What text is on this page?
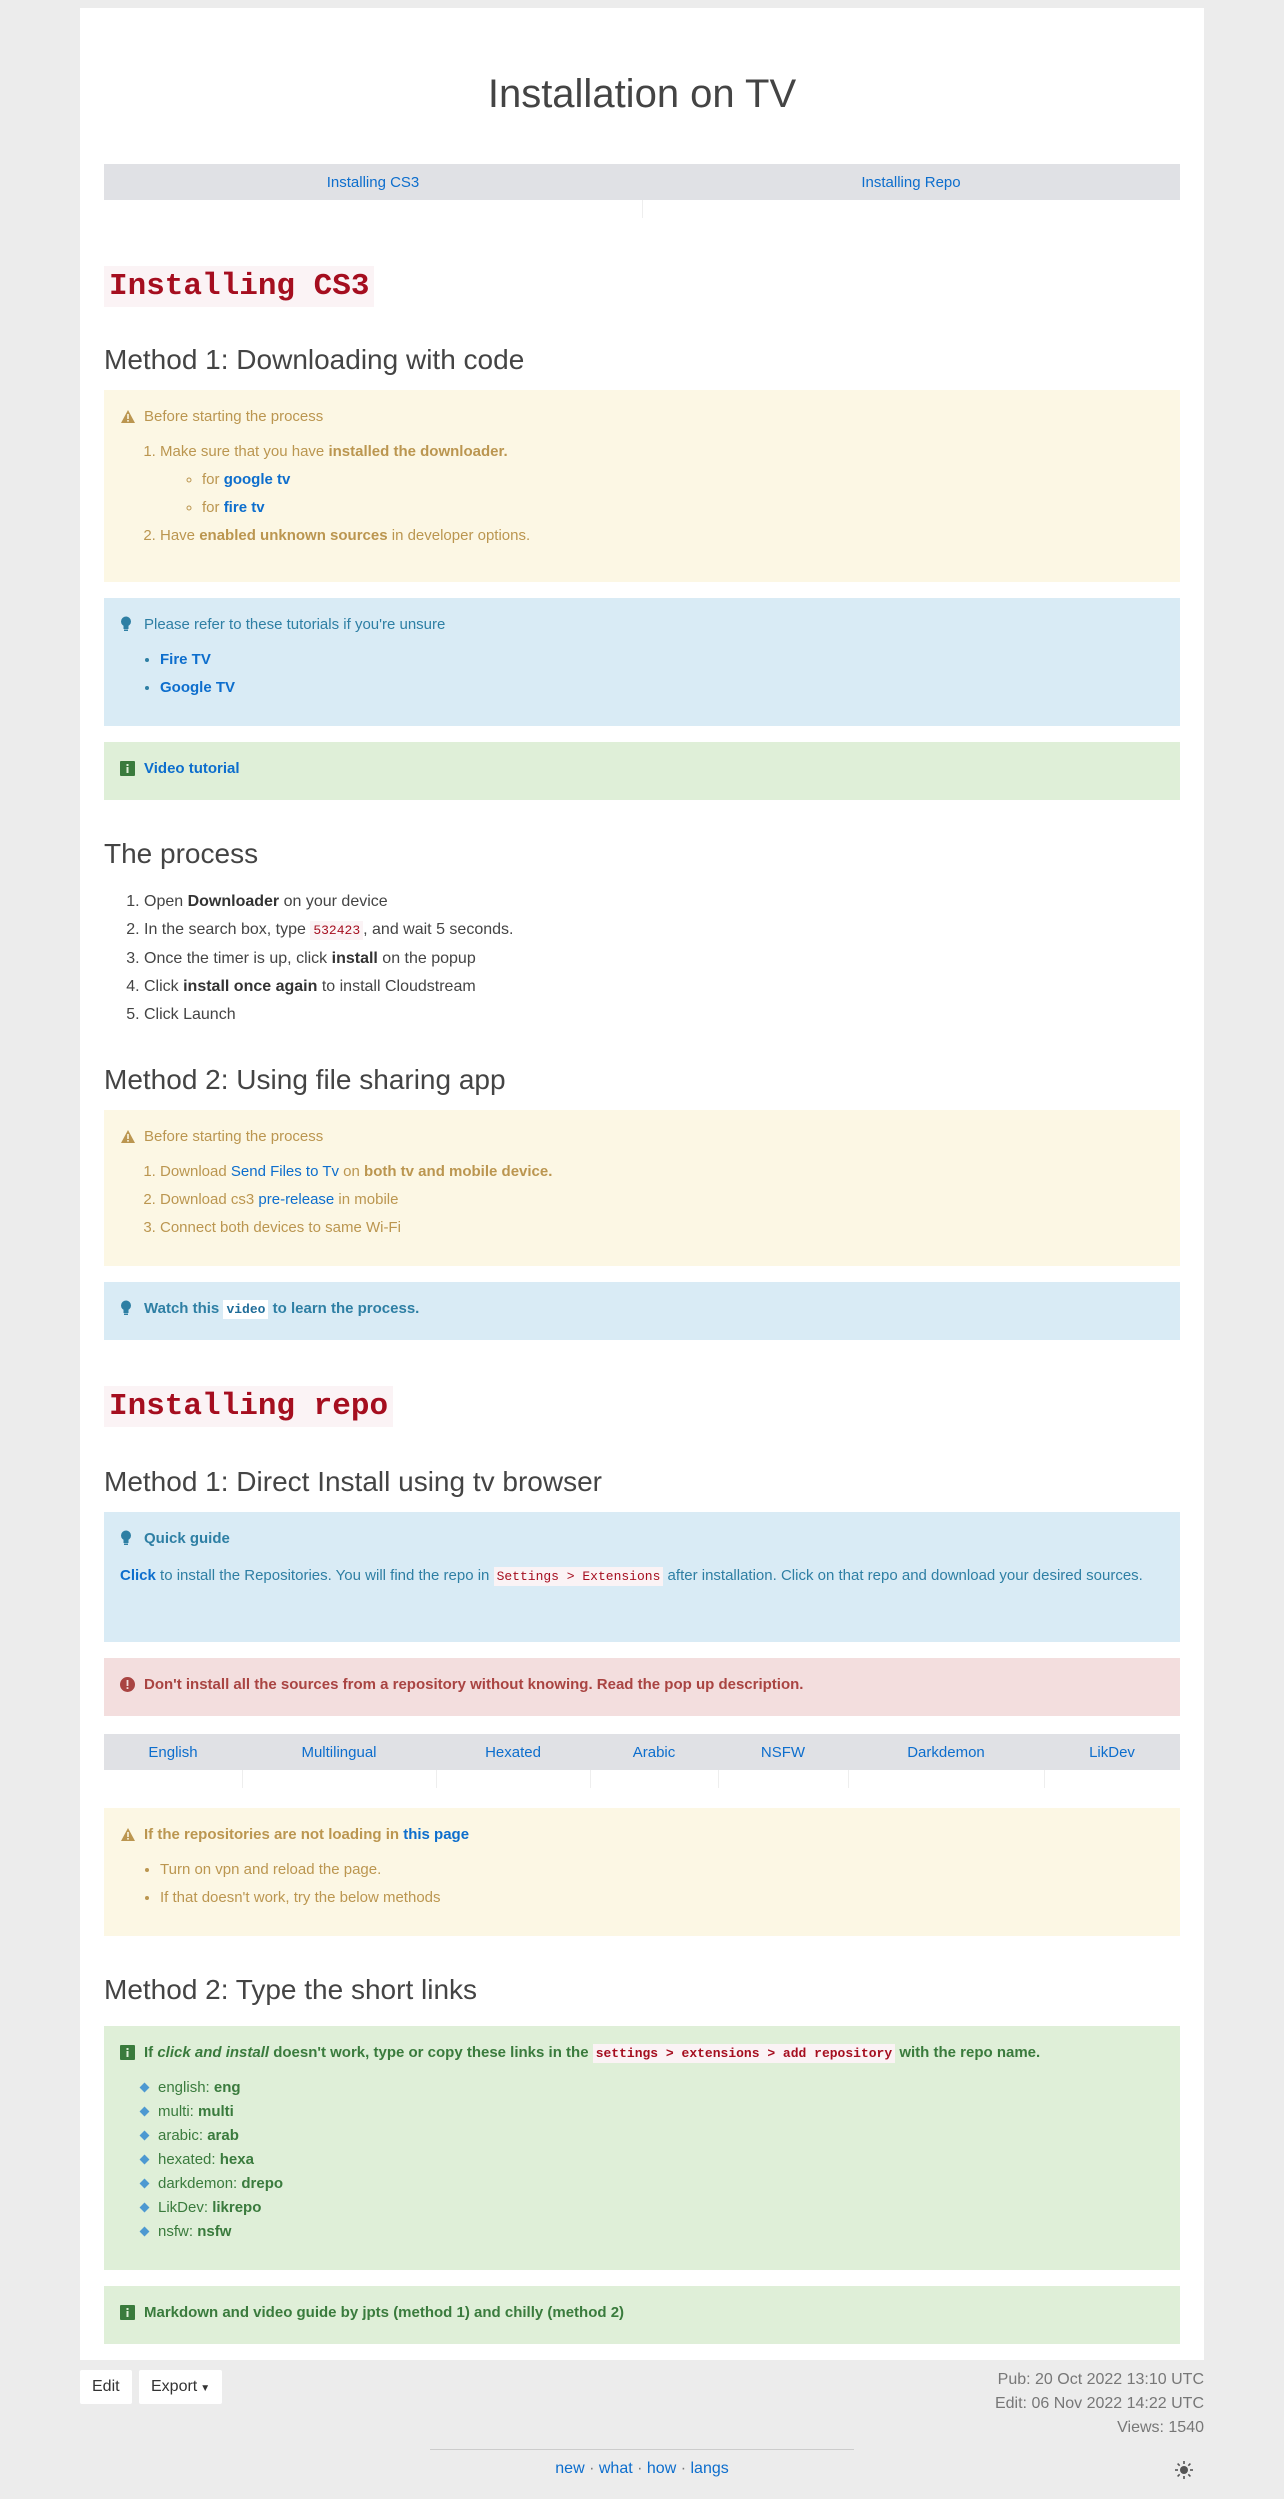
Installation on TV
Installing CS3	Installing Repo

Installing CS3
Method 1: Downloading with code
Before starting the process
1. Make sure that you have installed the downloader.
◦ for google tv
◦ for fire tv
2. Have enabled unknown sources in developer options.
Please refer to these tutorials if you're unsure
• Fire TV
• Google TV
Video tutorial
The process
1. Open Downloader on your device
2. In the search box, type 532423 , and wait 5 seconds.
3. Once the timer is up, click install on the popup
4. Click install once again to install Cloudstream
5. Click Launch
Method 2: Using file sharing app
Before starting the process
1. Download Send Files to Tv on both tv and mobile device.
2. Download cs3 pre-release in mobile
3. Connect both devices to same Wi-Fi
Watch this video to learn the process.
Installing repo
Method 1: Direct Install using tv browser
Quick guide
Click to install the Repositories. You will find the repo in Settings > Extensions after installation. Click on that repo and download your desired sources.
Don't install all the sources from a repository without knowing. Read the pop up description.
English	Multilingual	Hexated	Arabic	NSFW	Darkdemon	LikDev

If the repositories are not loading in this page
• Turn on vpn and reload the page.
• If that doesn't work, try the below methods
Method 2: Type the short links
If click and install doesn't work, type or copy these links in the settings > extensions > add repository with the repo name.
english: eng
multi: multi
arabic: arab
hexated: hexa
darkdemon: drepo
LikDev: likrepo
nsfw: nsfw
Markdown and video guide by jpts (method 1) and chilly (method 2)
Edit	Export ▼
Pub: 20 Oct 2022 13:10 UTC
Edit: 06 Nov 2022 14:22 UTC
Views: 1540
new · what · how · langs
